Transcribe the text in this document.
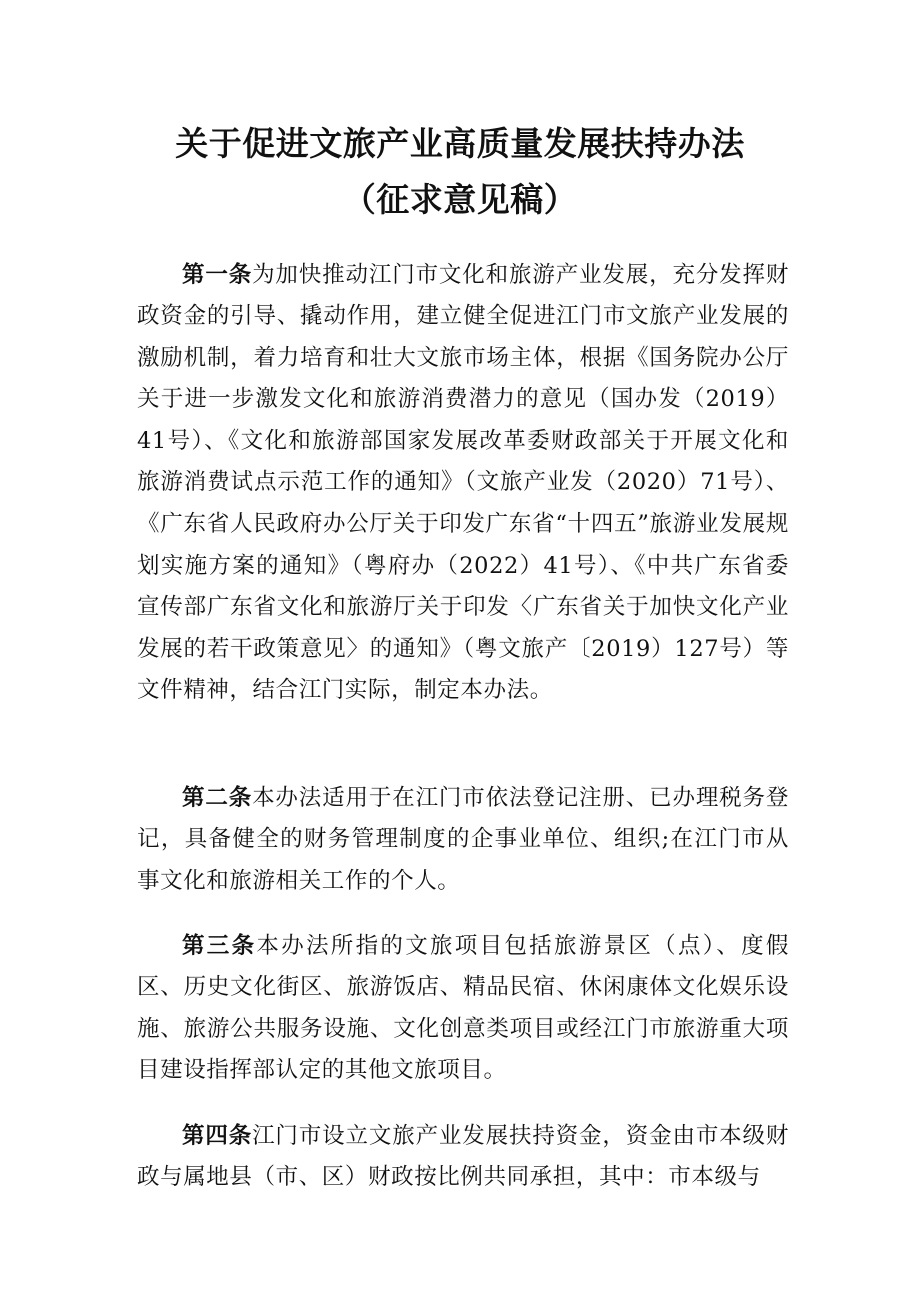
关于促进文旅产业高质量发展扶持办法
（征求意见稿）

第一条为加快推动江门市文化和旅游产业发展，充分发挥财政资金的引导、撬动作用，建立健全促进江门市文旅产业发展的激励机制，着力培育和壮大文旅市场主体，根据《国务院办公厅关于进一步激发文化和旅游消费潜力的意见（国办发（2019）41号）、《文化和旅游部国家发展改革委财政部关于开展文化和旅游消费试点示范工作的通知》（文旅产业发（2020）71号）、《广东省人民政府办公厅关于印发广东省“十四五”旅游业发展规划实施方案的通知》（粤府办（2022）41号）、《中共广东省委宣传部广东省文化和旅游厅关于印发〈广东省关于加快文化产业发展的若干政策意见〉的通知》（粤文旅产〔2019）127号）等文件精神，结合江门实际，制定本办法。

第二条本办法适用于在江门市依法登记注册、已办理税务登记，具备健全的财务管理制度的企事业单位、组织;在江门市从事文化和旅游相关工作的个人。

第三条本办法所指的文旅项目包括旅游景区（点）、度假区、历史文化街区、旅游饭店、精品民宿、休闲康体文化娱乐设施、旅游公共服务设施、文化创意类项目或经江门市旅游重大项目建设指挥部认定的其他文旅项目。

第四条江门市设立文旅产业发展扶持资金，资金由市本级财政与属地县（市、区）财政按比例共同承担，其中：市本级与
